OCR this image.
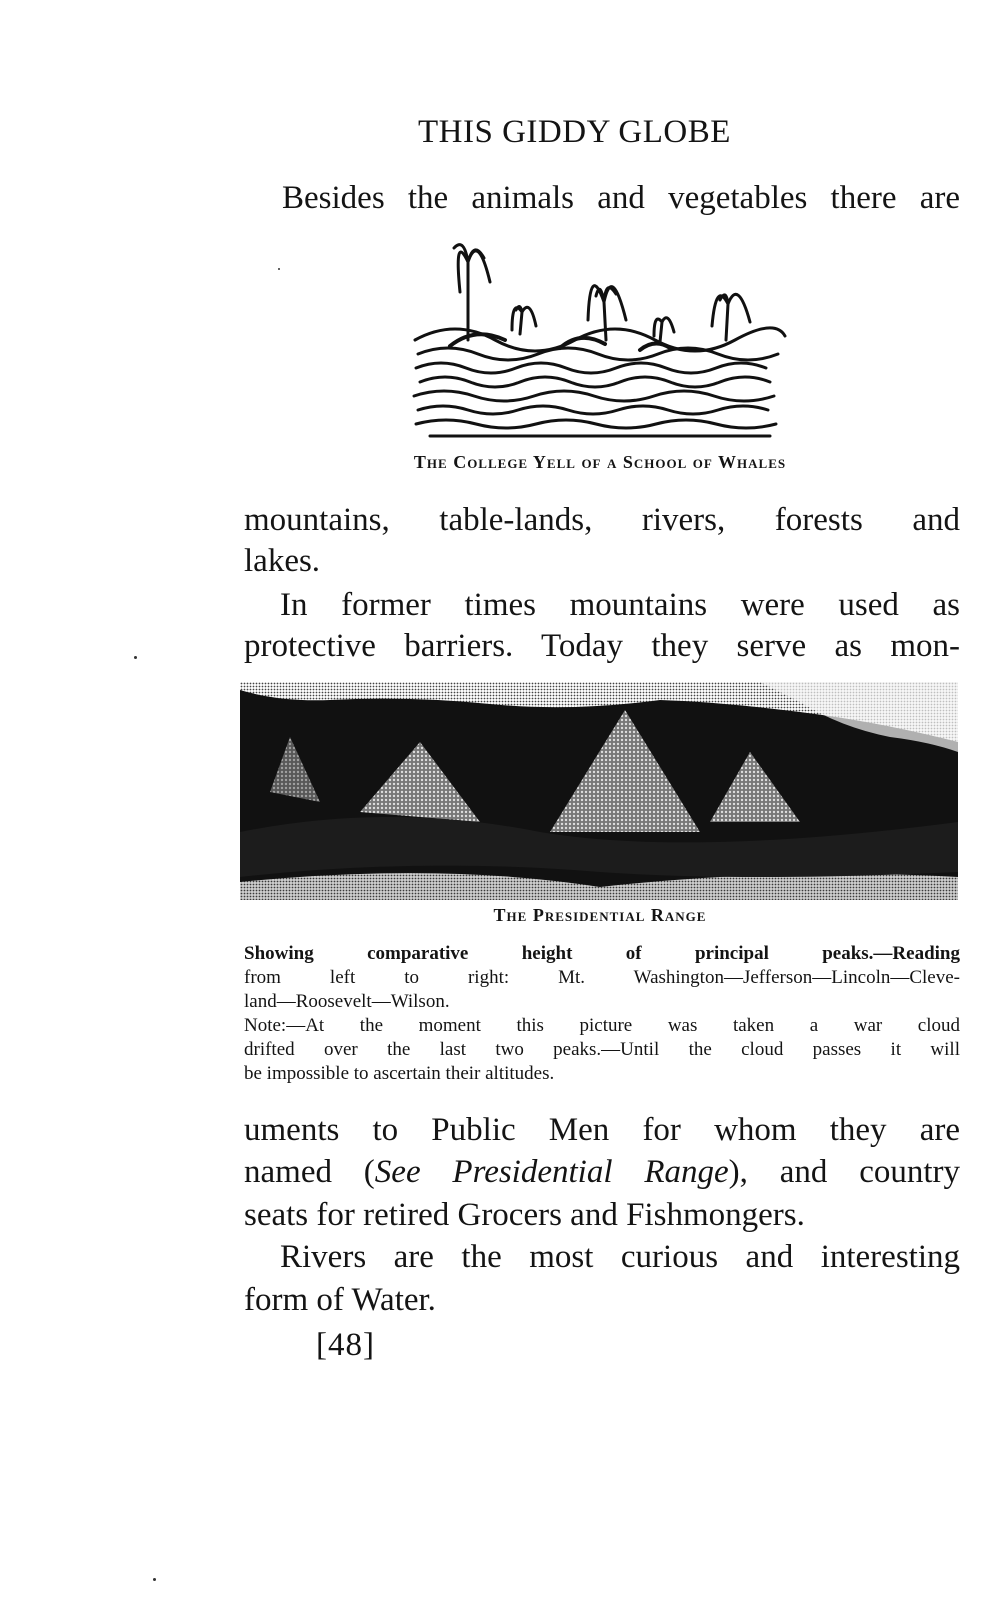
THIS GIDDY GLOBE
Besides the animals and vegetables there are
The College Yell of a School of Whales
mountains, table-lands, rivers, forests and
lakes.
In former times mountains were used as
protective barriers. Today they serve as mon-
The Presidential Range
Showing comparative height of principal peaks.—Reading
from left to right: Mt. Washington—Jefferson—Lincoln—Cleve-
land—Roosevelt—Wilson.
Note:—At the moment this picture was taken a war cloud
drifted over the last two peaks.—Until the cloud passes it will
be impossible to ascertain their altitudes.
uments to Public Men for whom they are
named (See Presidential Range), and country
seats for retired Grocers and Fishmongers.
Rivers are the most curious and interesting
form of Water.
[48]
